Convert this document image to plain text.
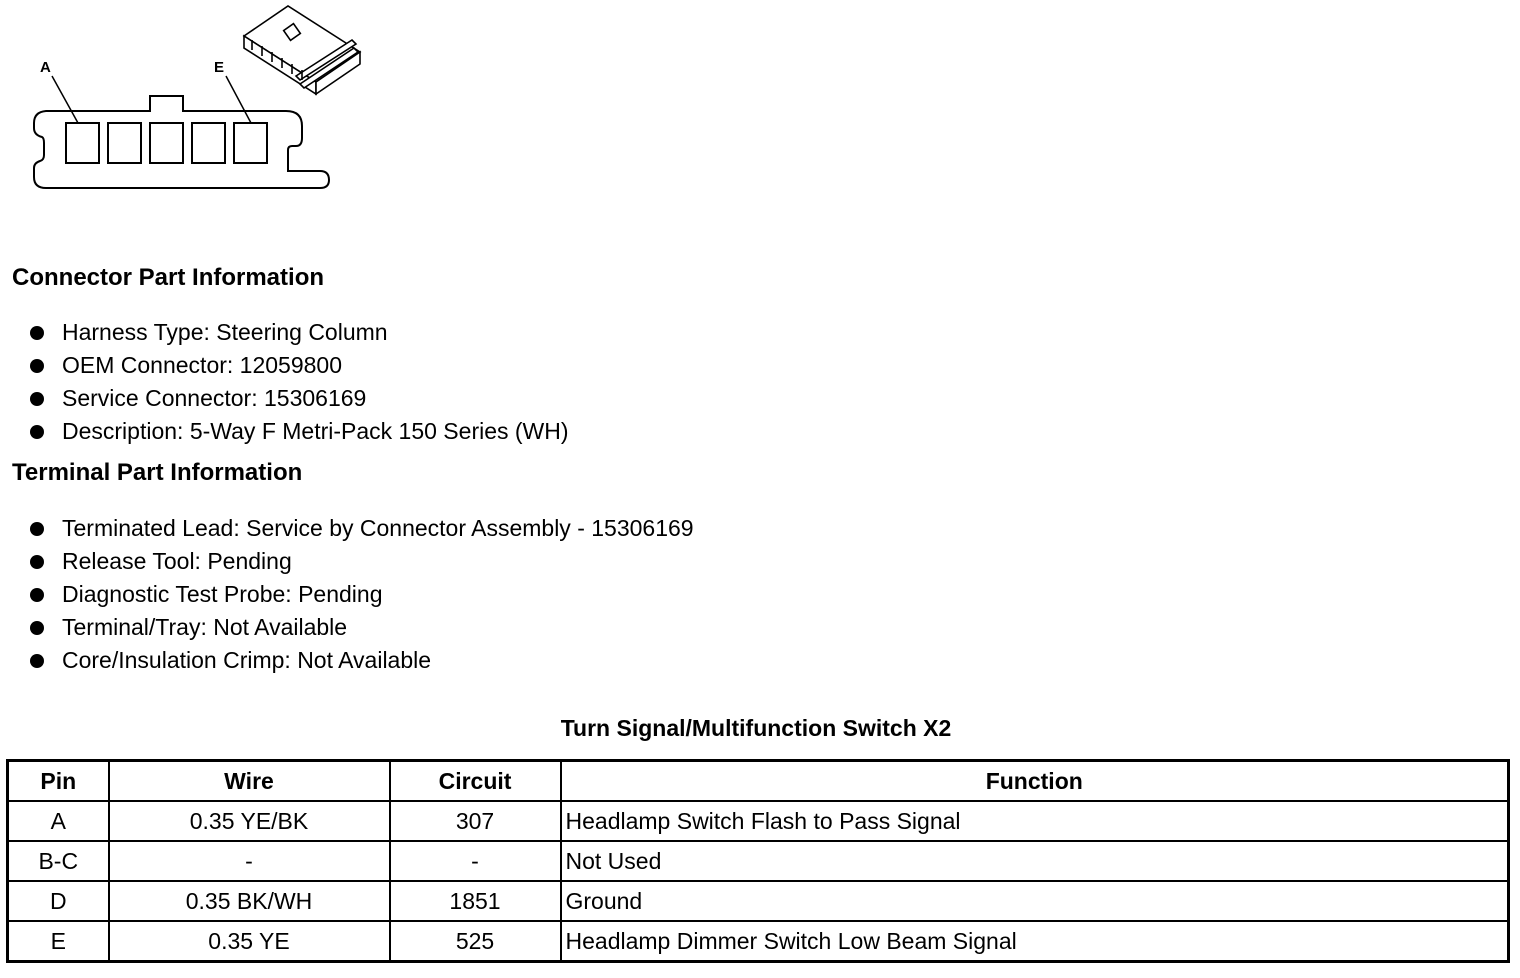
A	E
Connector Part Information
Harness Type: Steering Column
OEM Connector: 12059800
Service Connector: 15306169
Description: 5-Way F Metri-Pack 150 Series (WH)
Terminal Part Information
Terminated Lead: Service by Connector Assembly - 15306169
Release Tool: Pending
Diagnostic Test Probe: Pending
Terminal/Tray: Not Available
Core/Insulation Crimp: Not Available
Turn Signal/Multifunction Switch X2
Pin	Wire	Circuit	Function
A	0.35 YE/BK	307	Headlamp Switch Flash to Pass Signal
B-C	-	-	Not Used
D	0.35 BK/WH	1851	Ground
E	0.35 YE	525	Headlamp Dimmer Switch Low Beam Signal
